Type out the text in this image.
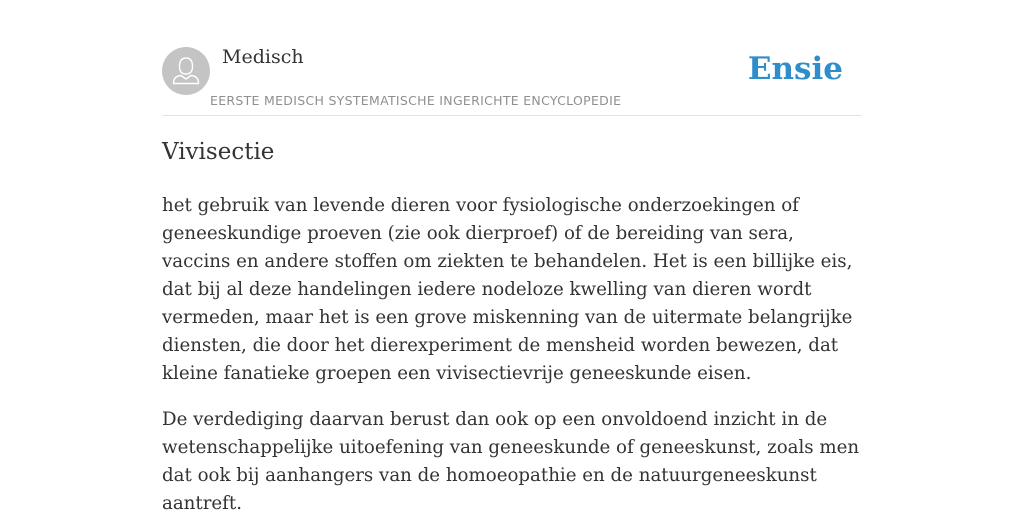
Medisch
EERSTE MEDISCH SYSTEMATISCHE INGERICHTE ENCYCLOPEDIE
Ensie
Vivisectie

het gebruik van levende dieren voor fysiologische onderzoekingen of geneeskundige proeven (zie ook dierproef) of de bereiding van sera, vaccins en andere stoffen om ziekten te behandelen. Het is een billijke eis, dat bij al deze handelingen iedere nodeloze kwelling van dieren wordt vermeden, maar het is een grove miskenning van de uitermate belangrijke diensten, die door het dierexperiment de mensheid worden bewezen, dat kleine fanatieke groepen een vivisectievrije geneeskunde eisen.

De verdediging daarvan berust dan ook op een onvoldoend inzicht in de wetenschappelijke uitoefening van geneeskunde of geneeskunst, zoals men dat ook bij aanhangers van de homoeopathie en de natuurgeneeskunst aantreft.
